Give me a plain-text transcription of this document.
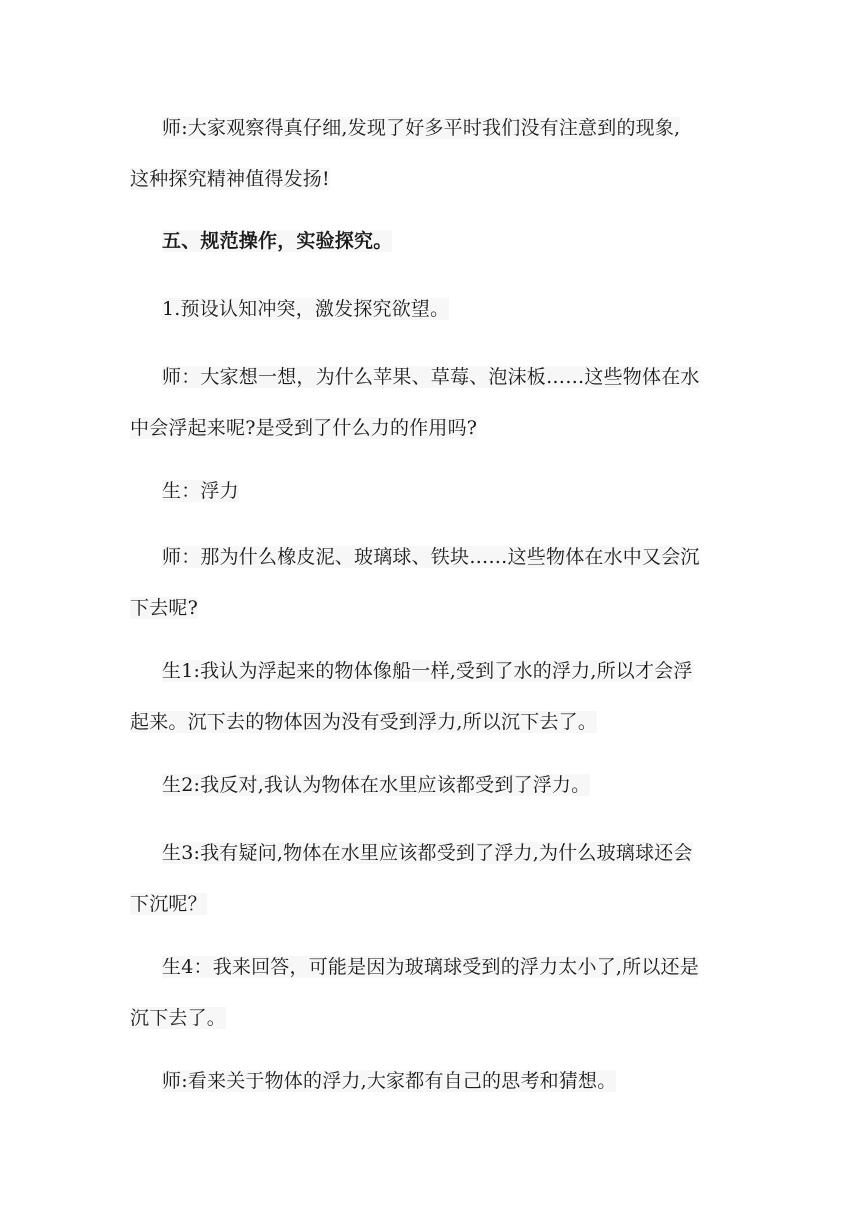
师:大家观察得真仔细,发现了好多平时我们没有注意到的现象,
这种探究精神值得发扬!
五、规范操作，实验探究。
1.预设认知冲突，激发探究欲望。
师：大家想一想，为什么苹果、草莓、泡沫板……这些物体在水
中会浮起来呢?是受到了什么力的作用吗?
生：浮力
师：那为什么橡皮泥、玻璃球、铁块……这些物体在水中又会沉
下去呢?
生1:我认为浮起来的物体像船一样,受到了水的浮力,所以才会浮
起来。沉下去的物体因为没有受到浮力,所以沉下去了。
生2:我反对,我认为物体在水里应该都受到了浮力。
生3:我有疑问,物体在水里应该都受到了浮力,为什么玻璃球还会
下沉呢？
生4：我来回答，可能是因为玻璃球受到的浮力太小了,所以还是
沉下去了。
师:看来关于物体的浮力,大家都有自己的思考和猜想。
